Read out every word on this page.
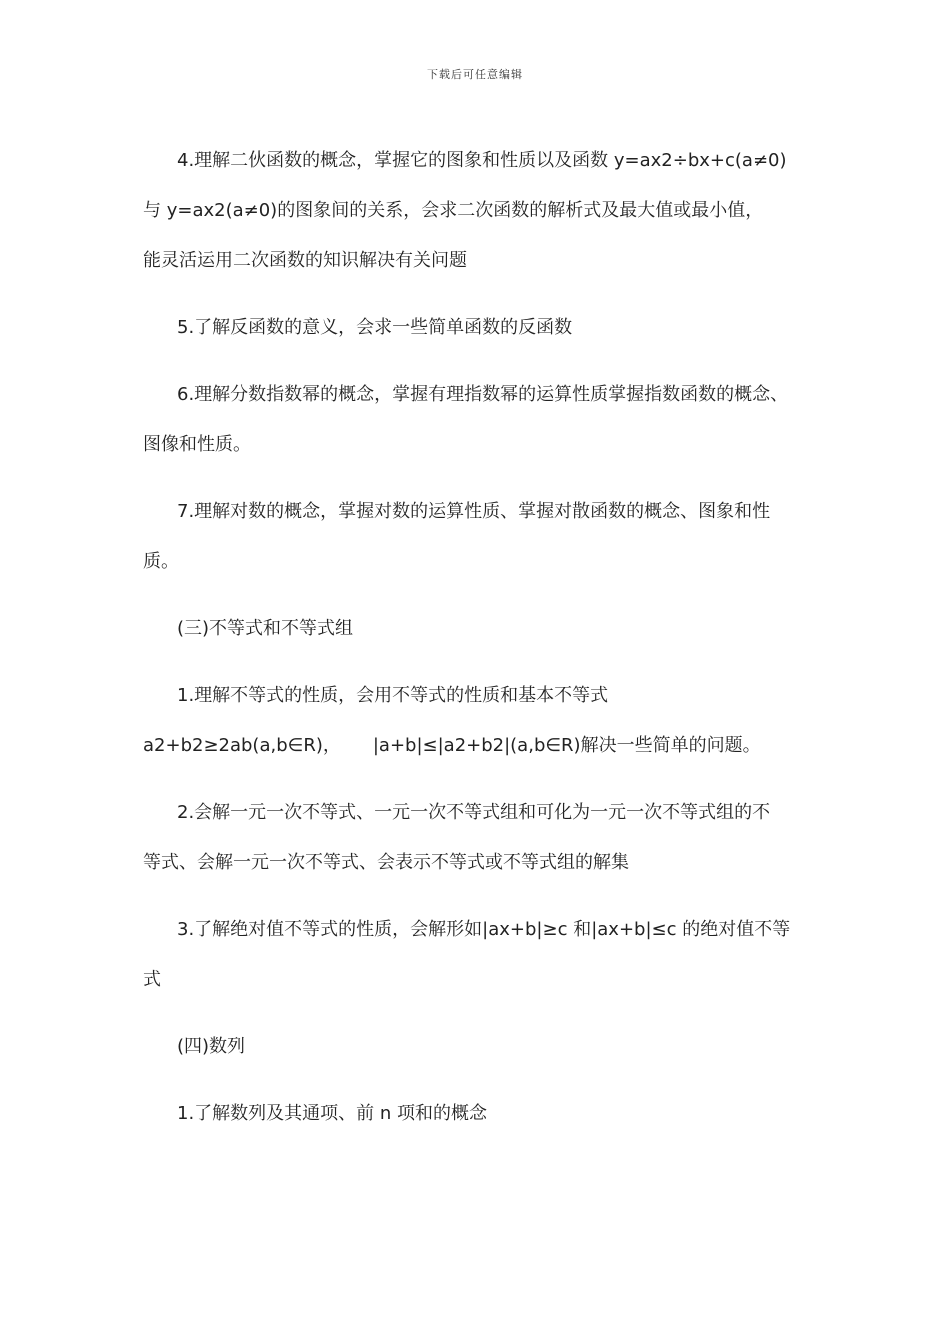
下载后可任意编辑
4.理解二伙函数的概念，掌握它的图象和性质以及函数 y=ax2÷bx+c(a≠0)
与 y=ax2(a≠0)的图象间的关系，会求二次函数的解析式及最大值或最小值，
能灵活运用二次函数的知识解决有关问题
5.了解反函数的意义，会求一些简单函数的反函数
6.理解分数指数幂的概念，掌握有理指数幂的运算性质掌握指数函数的概念、
图像和性质。
7.理解对数的概念，掌握对数的运算性质、掌握对散函数的概念、图象和性
质。
(三)不等式和不等式组
1.理解不等式的性质，会用不等式的性质和基本不等式
a2+b2≥2ab(a,b∈R)， |a+b|≤|a2+b2|(a,b∈R)解决一些简单的问题。
2.会解一元一次不等式、一元一次不等式组和可化为一元一次不等式组的不
等式、会解一元一次不等式、会表示不等式或不等式组的解集
3.了解绝对值不等式的性质，会解形如|ax+b|≥c 和|ax+b|≤c 的绝对值不等
式
(四)数列
1.了解数列及其通项、前 n 项和的概念
